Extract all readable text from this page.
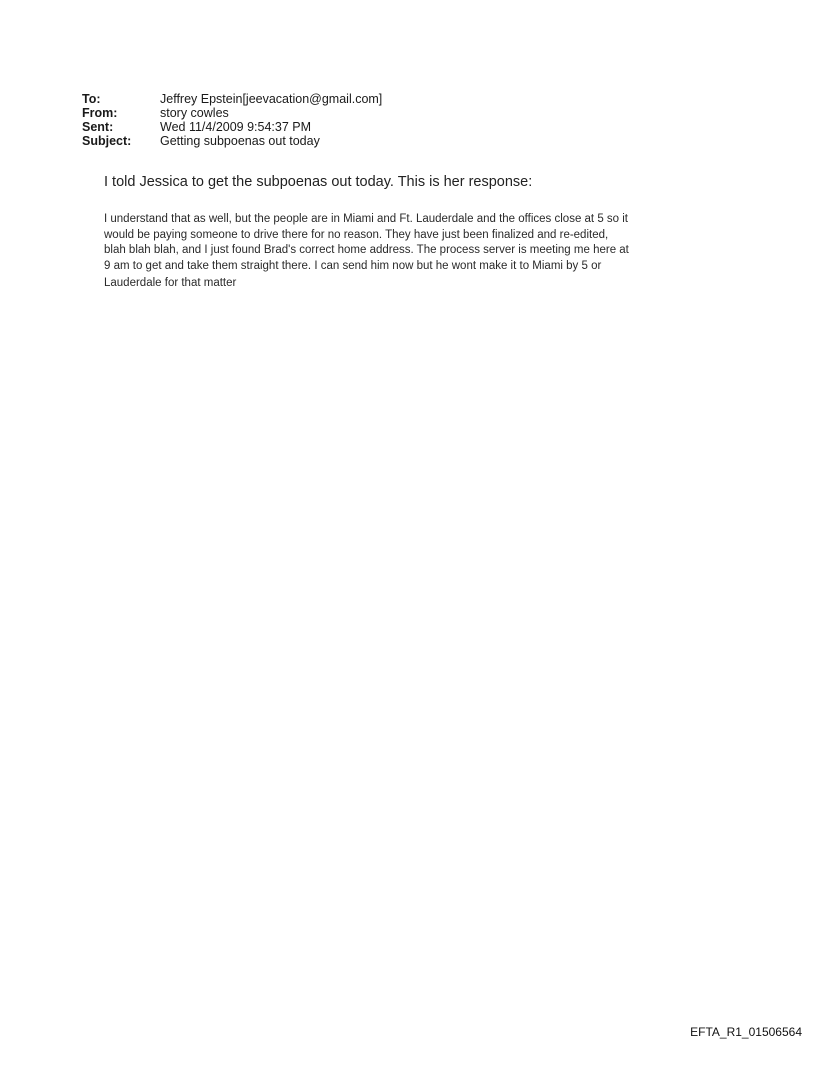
To:	Jeffrey Epstein[jeevacation@gmail.com]
From:	story cowles
Sent:	Wed 11/4/2009 9:54:37 PM
Subject:	Getting subpoenas out today
I told Jessica to get the subpoenas out today. This is her response:
I understand that as well, but the people are in Miami and Ft. Lauderdale and the offices close at 5 so it
would be paying someone to drive there for no reason. They have just been finalized and re-edited,
blah blah blah, and I just found Brad's correct home address. The process server is meeting me here at
9 am to get and take them straight there. I can send him now but he wont make it to Miami by 5 or
Lauderdale for that matter
EFTA_R1_01506564
